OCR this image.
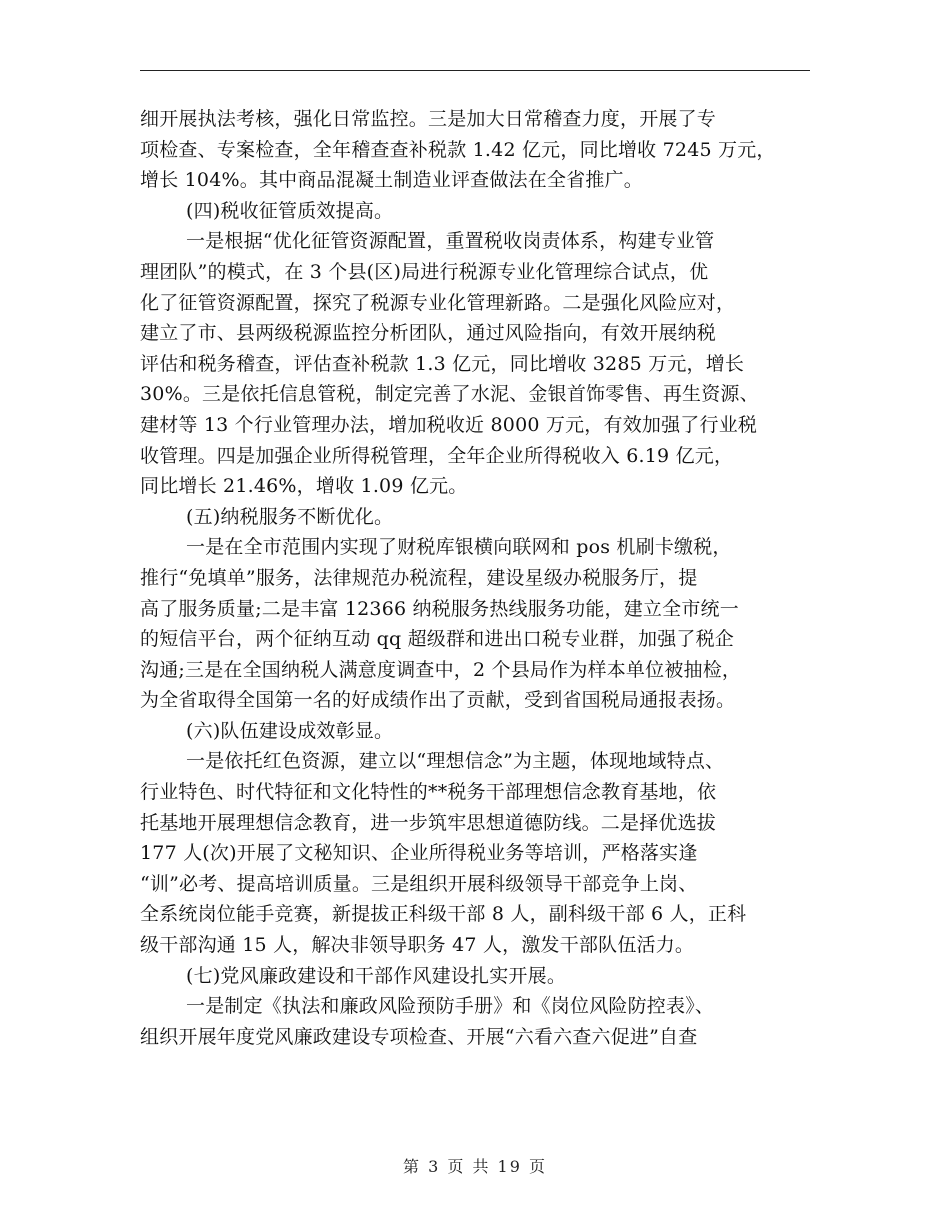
细开展执法考核，强化日常监控。三是加大日常稽查力度，开展了专
项检查、专案检查，全年稽查查补税款 1.42 亿元，同比增收 7245 万元，
增长 104%。其中商品混凝土制造业评查做法在全省推广。
(四)税收征管质效提高。
一是根据“优化征管资源配置，重置税收岗责体系，构建专业管
理团队”的模式，在 3 个县(区)局进行税源专业化管理综合试点，优
化了征管资源配置，探究了税源专业化管理新路。二是强化风险应对，
建立了市、县两级税源监控分析团队，通过风险指向，有效开展纳税
评估和税务稽查，评估查补税款 1.3 亿元，同比增收 3285 万元，增长
30%。三是依托信息管税，制定完善了水泥、金银首饰零售、再生资源、
建材等 13 个行业管理办法，增加税收近 8000 万元，有效加强了行业税
收管理。四是加强企业所得税管理，全年企业所得税收入 6.19 亿元，
同比增长 21.46%，增收 1.09 亿元。
(五)纳税服务不断优化。
一是在全市范围内实现了财税库银横向联网和 pos 机刷卡缴税，
推行“免填单”服务，法律规范办税流程，建设星级办税服务厅，提
高了服务质量;二是丰富 12366 纳税服务热线服务功能，建立全市统一
的短信平台，两个征纳互动 qq 超级群和进出口税专业群，加强了税企
沟通;三是在全国纳税人满意度调查中，2 个县局作为样本单位被抽检，
为全省取得全国第一名的好成绩作出了贡献，受到省国税局通报表扬。
(六)队伍建设成效彰显。
一是依托红色资源，建立以“理想信念”为主题，体现地域特点、
行业特色、时代特征和文化特性的**税务干部理想信念教育基地，依
托基地开展理想信念教育，进一步筑牢思想道德防线。二是择优选拔
177 人(次)开展了文秘知识、企业所得税业务等培训，严格落实逢
“训”必考、提高培训质量。三是组织开展科级领导干部竞争上岗、
全系统岗位能手竞赛，新提拔正科级干部 8 人，副科级干部 6 人，正科
级干部沟通 15 人，解决非领导职务 47 人，激发干部队伍活力。
(七)党风廉政建设和干部作风建设扎实开展。
一是制定《执法和廉政风险预防手册》和《岗位风险防控表》、
组织开展年度党风廉政建设专项检查、开展“六看六查六促进”自查
第 3 页 共 19 页
